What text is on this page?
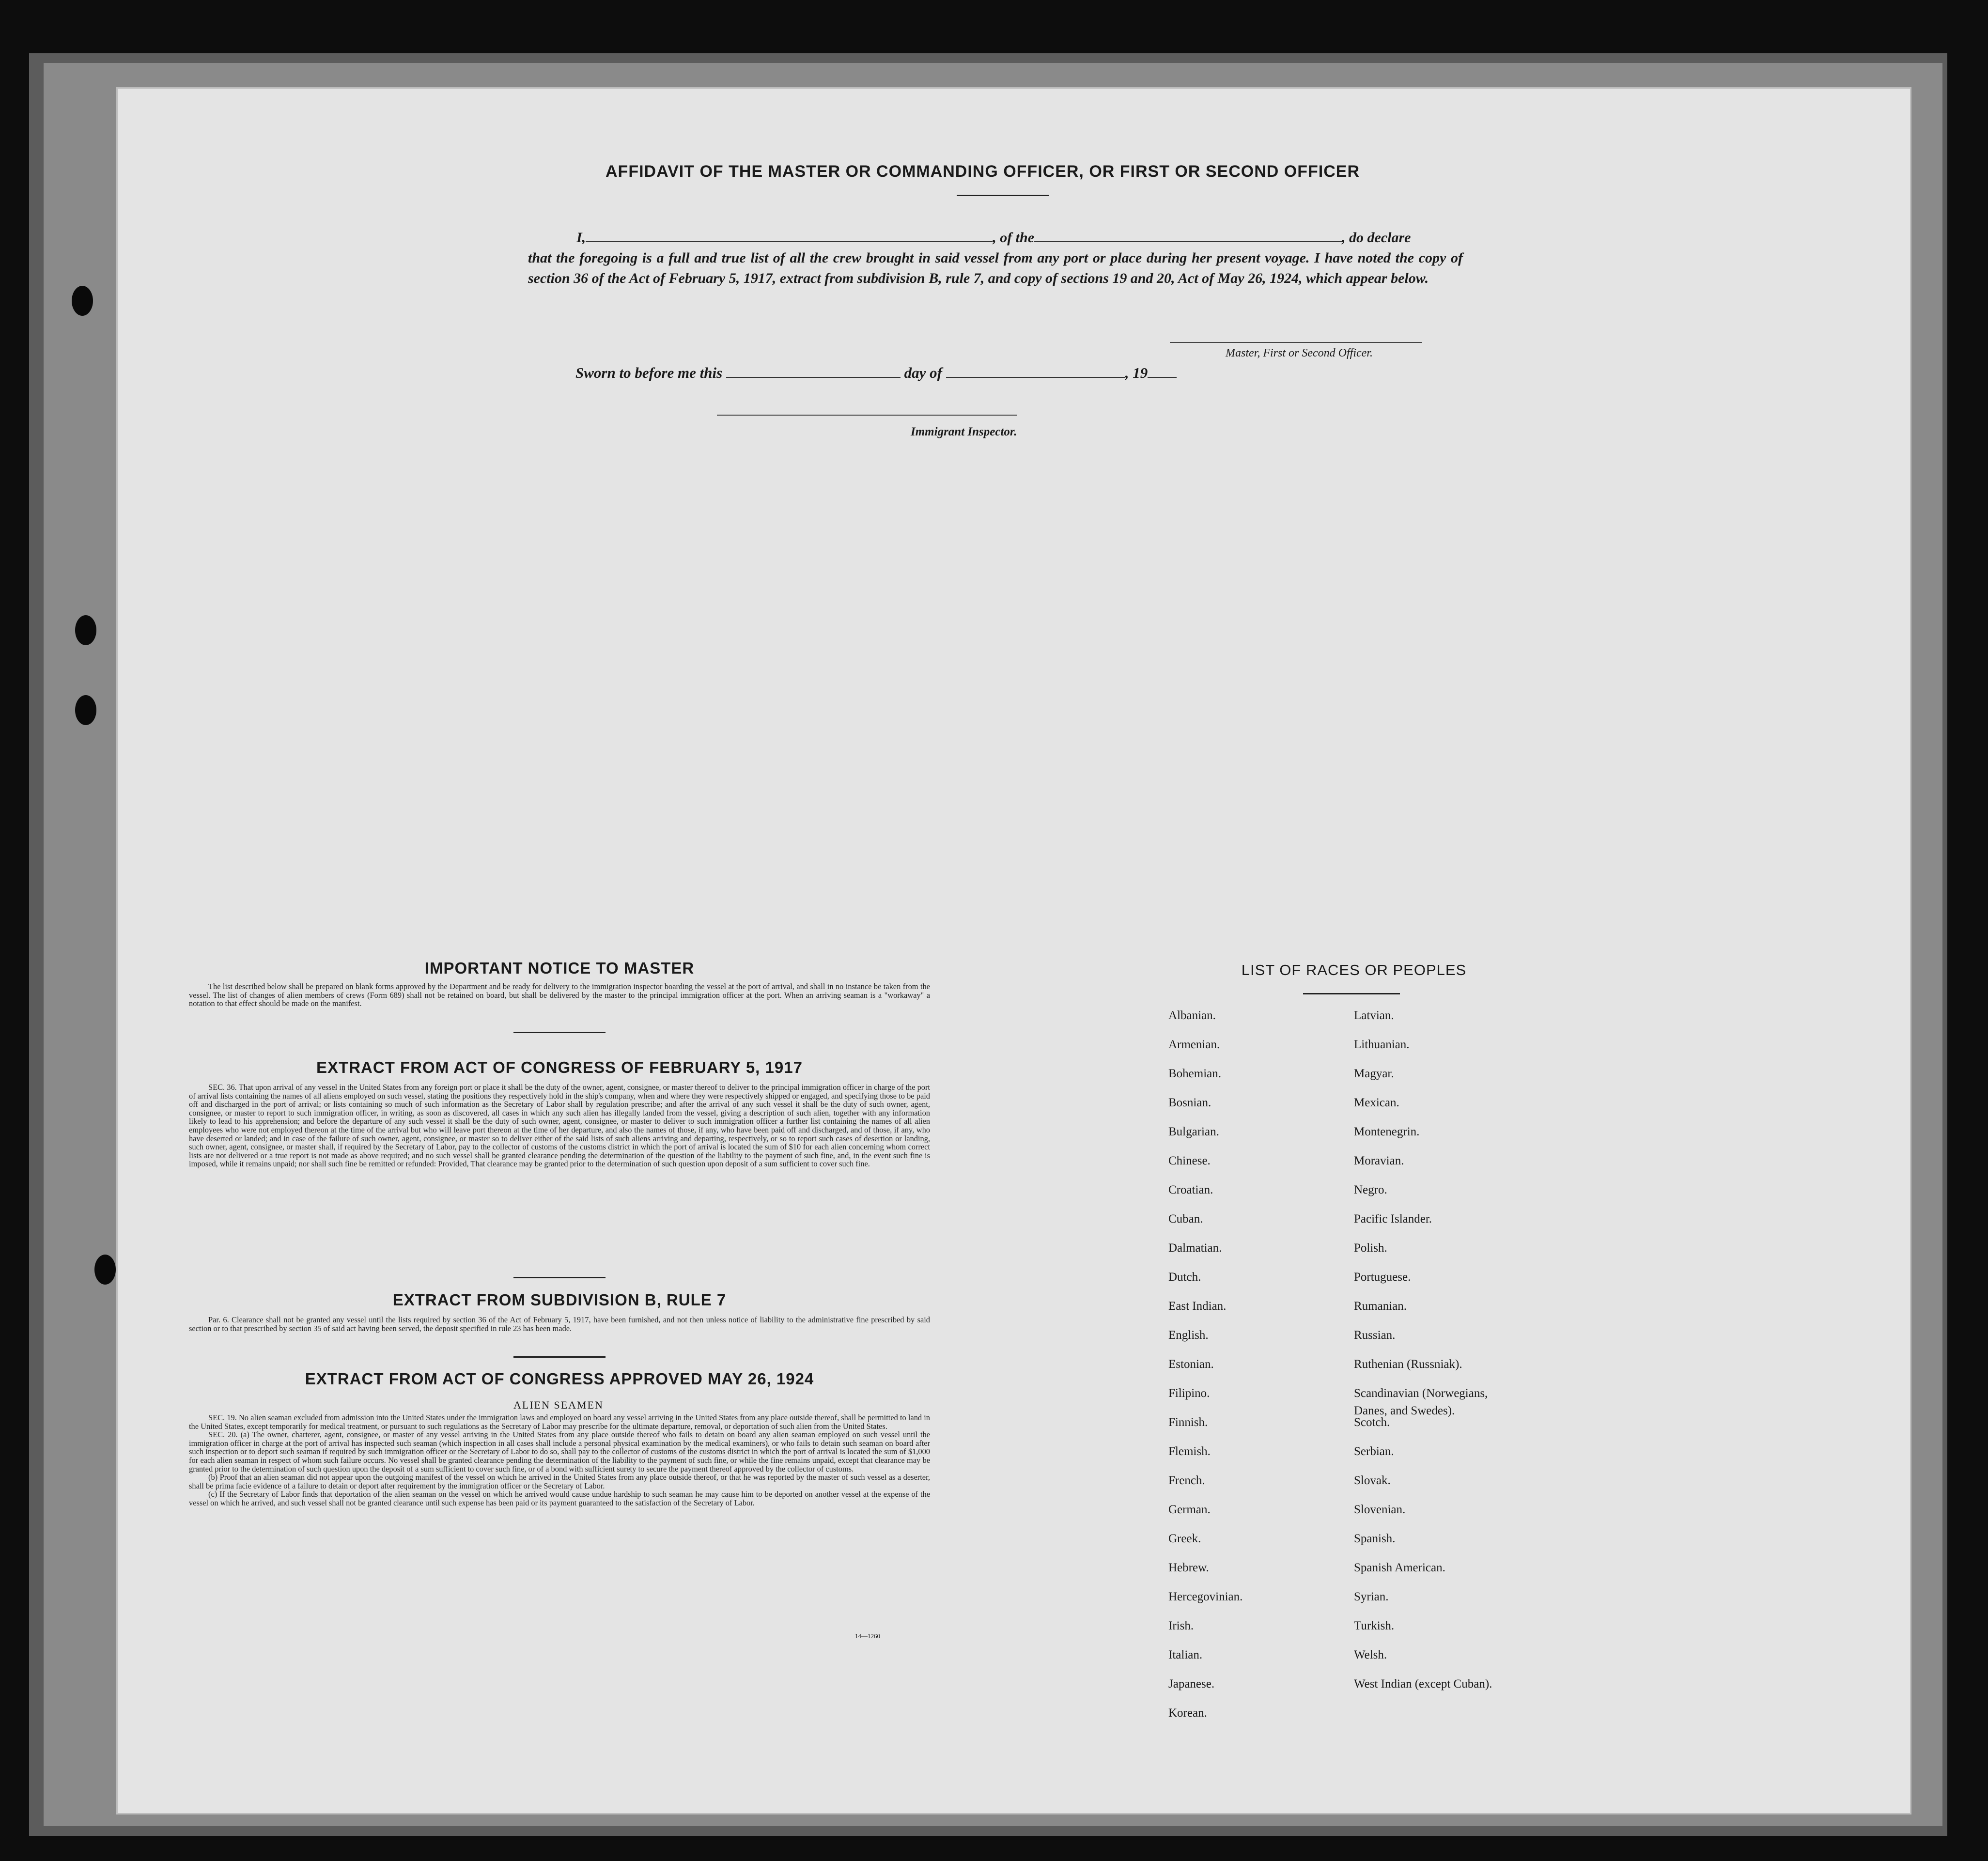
AFFIDAVIT OF THE MASTER OR COMMANDING OFFICER, OR FIRST OR SECOND OFFICER
I,	, of the	, do declare
that the foregoing is a full and true list of all the crew brought in said vessel from any port or place during her present voyage. I have noted the copy of section 36 of the Act of February 5, 1917, extract from subdivision B, rule 7, and copy of sections 19 and 20, Act of May 26, 1924, which appear below.
Master, First or Second Officer.
Sworn to before me this	day of	, 19
Immigrant Inspector.
IMPORTANT NOTICE TO MASTER

The list described below shall be prepared on blank forms approved by the Department and be ready for delivery to the immigration inspector boarding the vessel at the port of arrival, and shall in no instance be taken from the vessel. The list of changes of alien members of crews (Form 689) shall not be retained on board, but shall be delivered by the master to the principal immigration officer at the port. When an arriving seaman is a "workaway" a notation to that effect should be made on the manifest.

EXTRACT FROM ACT OF CONGRESS OF FEBRUARY 5, 1917

SEC. 36. That upon arrival of any vessel in the United States from any foreign port or place it shall be the duty of the owner, agent, consignee, or master thereof to deliver to the principal immigration officer in charge of the port of arrival lists containing the names of all aliens employed on such vessel, stating the positions they respectively hold in the ship's company, when and where they were respectively shipped or engaged, and specifying those to be paid off and discharged in the port of arrival; or lists containing so much of such information as the Secretary of Labor shall by regulation prescribe; and after the arrival of any such vessel it shall be the duty of such owner, agent, consignee, or master to report to such immigration officer, in writing, as soon as discovered, all cases in which any such alien has illegally landed from the vessel, giving a description of such alien, together with any information likely to lead to his apprehension; and before the departure of any such vessel it shall be the duty of such owner, agent, consignee, or master to deliver to such immigration officer a further list containing the names of all alien employees who were not employed thereon at the time of the arrival but who will leave port thereon at the time of her departure, and also the names of those, if any, who have been paid off and discharged, and of those, if any, who have deserted or landed; and in case of the failure of such owner, agent, consignee, or master so to deliver either of the said lists of such aliens arriving and departing, respectively, or so to report such cases of desertion or landing, such owner, agent, consignee, or master shall, if required by the Secretary of Labor, pay to the collector of customs of the customs district in which the port of arrival is located the sum of $10 for each alien concerning whom correct lists are not delivered or a true report is not made as above required; and no such vessel shall be granted clearance pending the determination of the question of the liability to the payment of such fine, and, in the event such fine is imposed, while it remains unpaid; nor shall such fine be remitted or refunded: Provided, That clearance may be granted prior to the determination of such question upon deposit of a sum sufficient to cover such fine.

EXTRACT FROM SUBDIVISION B, RULE 7

Par. 6. Clearance shall not be granted any vessel until the lists required by section 36 of the Act of February 5, 1917, have been furnished, and not then unless notice of liability to the administrative fine prescribed by said section or to that prescribed by section 35 of said act having been served, the deposit specified in rule 23 has been made.

EXTRACT FROM ACT OF CONGRESS APPROVED MAY 26, 1924
ALIEN SEAMEN

SEC. 19. No alien seaman excluded from admission into the United States under the immigration laws and employed on board any vessel arriving in the United States from any place outside thereof, shall be permitted to land in the United States, except temporarily for medical treatment, or pursuant to such regulations as the Secretary of Labor may prescribe for the ultimate departure, removal, or deportation of such alien from the United States.

SEC. 20. (a) The owner, charterer, agent, consignee, or master of any vessel arriving in the United States from any place outside thereof who fails to detain on board any alien seaman employed on such vessel until the immigration officer in charge at the port of arrival has inspected such seaman (which inspection in all cases shall include a personal physical examination by the medical examiners), or who fails to detain such seaman on board after such inspection or to deport such seaman if required by such immigration officer or the Secretary of Labor to do so, shall pay to the collector of customs of the customs district in which the port of arrival is located the sum of $1,000 for each alien seaman in respect of whom such failure occurs. No vessel shall be granted clearance pending the determination of the liability to the payment of such fine, or while the fine remains unpaid, except that clearance may be granted prior to the determination of such question upon the deposit of a sum sufficient to cover such fine, or of a bond with sufficient surety to secure the payment thereof approved by the collector of customs.

(b) Proof that an alien seaman did not appear upon the outgoing manifest of the vessel on which he arrived in the United States from any place outside thereof, or that he was reported by the master of such vessel as a deserter, shall be prima facie evidence of a failure to detain or deport after requirement by the immigration officer or the Secretary of Labor.

(c) If the Secretary of Labor finds that deportation of the alien seaman on the vessel on which he arrived would cause undue hardship to such seaman he may cause him to be deported on another vessel at the expense of the vessel on which he arrived, and such vessel shall not be granted clearance until such expense has been paid or its payment guaranteed to the satisfaction of the Secretary of Labor.

14—1260
LIST OF RACES OR PEOPLES
Albanian.
Armenian.
Bohemian.
Bosnian.
Bulgarian.
Chinese.
Croatian.
Cuban.
Dalmatian.
Dutch.
East Indian.
English.
Estonian.
Filipino.
Finnish.
Flemish.
French.
German.
Greek.
Hebrew.
Hercegovinian.
Irish.
Italian.
Japanese.
Korean.
Latvian.
Lithuanian.
Magyar.
Mexican.
Montenegrin.
Moravian.
Negro.
Pacific Islander.
Polish.
Portuguese.
Rumanian.
Russian.
Ruthenian (Russniak).
Scandinavian (Norwegians,
Danes, and Swedes).
Scotch.
Serbian.
Slovak.
Slovenian.
Spanish.
Spanish American.
Syrian.
Turkish.
Welsh.
West Indian (except Cuban).
